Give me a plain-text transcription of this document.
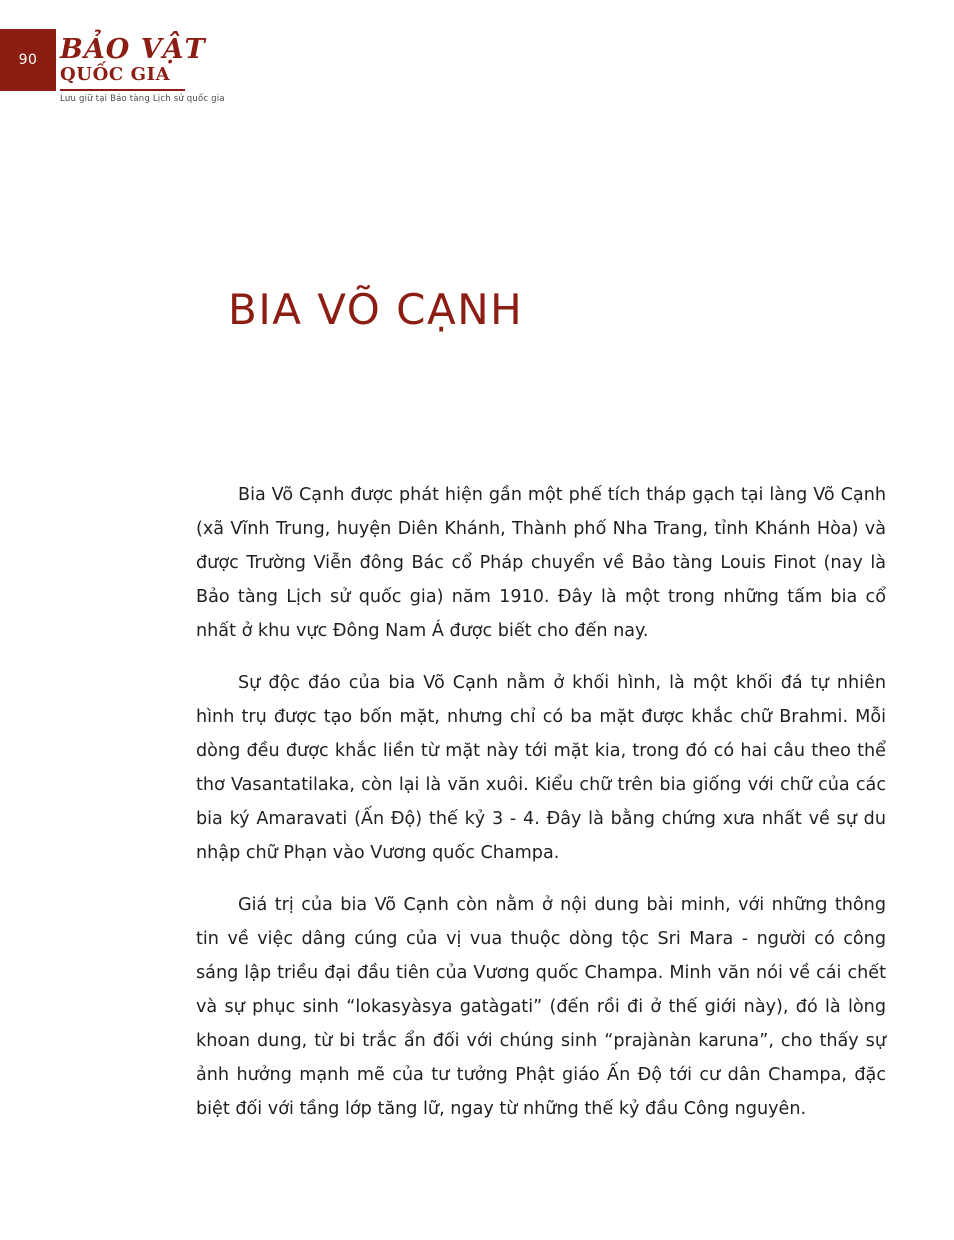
90 BẢO VẬT
QUỐC GIA
Lưu giữ tại Bảo tàng Lịch sử quốc gia
BIA VÕ CẠNH

Bia Võ Cạnh được phát hiện gần một phế tích tháp gạch tại làng Võ Cạnh (xã Vĩnh Trung, huyện Diên Khánh, Thành phố Nha Trang, tỉnh Khánh Hòa) và được Trường Viễn đông Bác cổ Pháp chuyển về Bảo tàng Louis Finot (nay là Bảo tàng Lịch sử quốc gia) năm 1910. Đây là một trong những tấm bia cổ nhất ở khu vực Đông Nam Á được biết cho đến nay.

Sự độc đáo của bia Võ Cạnh nằm ở khối hình, là một khối đá tự nhiên hình trụ được tạo bốn mặt, nhưng chỉ có ba mặt được khắc chữ Brahmi. Mỗi dòng đều được khắc liền từ mặt này tới mặt kia, trong đó có hai câu theo thể thơ Vasantatilaka, còn lại là văn xuôi. Kiểu chữ trên bia giống với chữ của các bia ký Amaravati (Ấn Độ) thế kỷ 3 - 4. Đây là bằng chứng xưa nhất về sự du nhập chữ Phạn vào Vương quốc Champa.

Giá trị của bia Võ Cạnh còn nằm ở nội dung bài minh, với những thông tin về việc dâng cúng của vị vua thuộc dòng tộc Sri Mara - người có công sáng lập triều đại đầu tiên của Vương quốc Champa. Minh văn nói về cái chết và sự phục sinh “lokasyàsya gatàgati” (đến rồi đi ở thế giới này), đó là lòng khoan dung, từ bi trắc ẩn đối với chúng sinh “prajànàn karuna”, cho thấy sự ảnh hưởng mạnh mẽ của tư tưởng Phật giáo Ấn Độ tới cư dân Champa, đặc biệt đối với tầng lớp tăng lữ, ngay từ những thế kỷ đầu Công nguyên.
